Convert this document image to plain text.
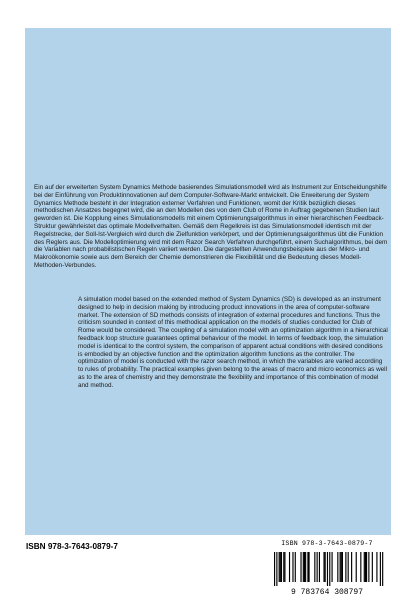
Ein auf der erweiterten System Dynamics Methode basierendes Simulationsmodell wird als Instrument zur Entscheidungshilfe bei der Einführung von Produktinnovationen auf dem Computer-Software-Markt entwickelt. Die Erweiterung der System Dynamics Methode besteht in der Integration externer Verfahren und Funktionen, womit der Kritik bezüglich dieses methodischen Ansatzes begegnet wird, die an den Modellen des von dem Club of Rome in Auftrag gegebenen Studien laut geworden ist. Die Kopplung eines Simulationsmodells mit einem Optimierungsalgorithmus in einer hierarchischen Feedback-Struktur gewährleistet das optimale Modellverhalten. Gemäß dem Regelkreis ist das Simulationsmodell identisch mit der Regelstrecke, der Soll-Ist-Vergleich wird durch die Zielfunktion verkörpert, und der Optimierungsalgorithmus übt die Funktion des Reglers aus. Die Modelloptimierung wird mit dem Razor Search Verfahren durchgeführt, einem Suchalgorithmus, bei dem die Variablen nach probabilistischen Regeln variiert werden. Die dargestellten Anwendungsbeispiele aus der Mikro- und Makroökonomie sowie aus dem Bereich der Chemie demonstrieren die Flexibilität und die Bedeutung dieses Modell-Methoden-Verbundes.

A simulation model based on the extended method of System Dynamics (SD) is developed as an instrument designed to help in decision making by introducing product innovations in the area of computer-software market. The extension of SD methods consists of integration of external procedures and functions. Thus the criticism sounded in context of this methodical application on the models of studies conducted for Club of Rome would be considered. The coupling of a simulation model with an optimization algorithm in a hierarchical feedback loop structure guarantees optimal behaviour of the model. In terms of feedback loop, the simulation model is identical to the control system, the comparison of apparent actual conditions with desired conditions is embodied by an objective function and the optimization algorithm functions as the controller. The optimization of model is conducted with the razor search method, in which the variables are varied according to rules of probability. The practical examples given belong to the areas of macro and micro economics as well as to the area of chemistry and they demonstrate the flexibility and importance of this combination of model and method.

ISBN 978-3-7643-0879-7	ISBN 978-3-7643-0879-7
9 783764 308797
